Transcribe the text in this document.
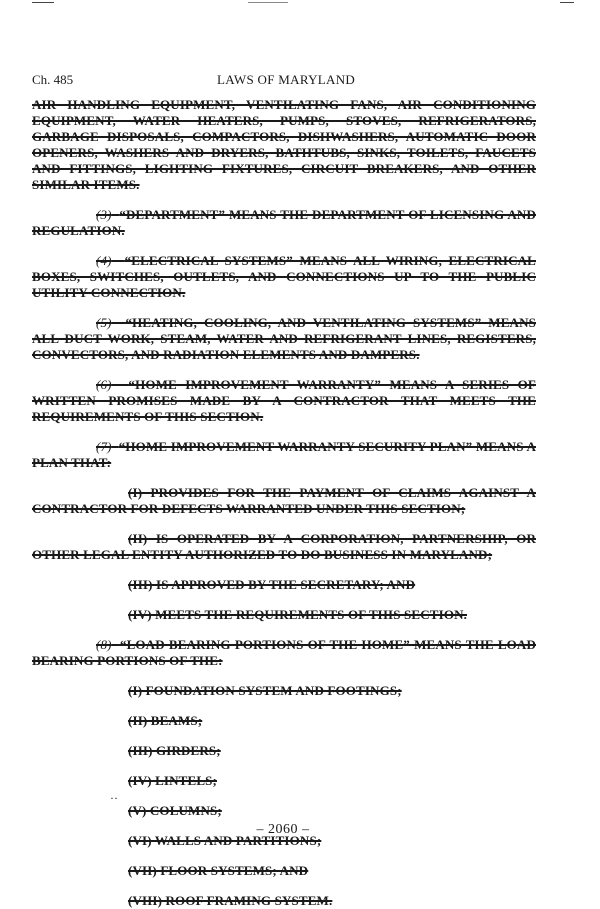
Ch. 485	LAWS OF MARYLAND

AIR HANDLING EQUIPMENT, VENTILATING FANS, AIR CONDITIONING EQUIPMENT, WATER HEATERS, PUMPS, STOVES, REFRIGERATORS, GARBAGE DISPOSALS, COMPACTORS, DISHWASHERS, AUTOMATIC DOOR OPENERS, WASHERS AND DRYERS, BATHTUBS, SINKS, TOILETS, FAUCETS AND FITTINGS, LIGHTING FIXTURES, CIRCUIT BREAKERS, AND OTHER SIMILAR ITEMS.

(3) “DEPARTMENT” MEANS THE DEPARTMENT OF LICENSING AND REGULATION.

(4) “ELECTRICAL SYSTEMS” MEANS ALL WIRING, ELECTRICAL BOXES, SWITCHES, OUTLETS, AND CONNECTIONS UP TO THE PUBLIC UTILITY CONNECTION.

(5) “HEATING, COOLING, AND VENTILATING SYSTEMS” MEANS ALL DUCT WORK, STEAM, WATER AND REFRIGERANT LINES, REGISTERS, CONVECTORS, AND RADIATION ELEMENTS AND DAMPERS.

(6) “HOME IMPROVEMENT WARRANTY” MEANS A SERIES OF WRITTEN PROMISES MADE BY A CONTRACTOR THAT MEETS THE REQUIREMENTS OF THIS SECTION.

(7) “HOME IMPROVEMENT WARRANTY SECURITY PLAN” MEANS A PLAN THAT:

(I) PROVIDES FOR THE PAYMENT OF CLAIMS AGAINST A CONTRACTOR FOR DEFECTS WARRANTED UNDER THIS SECTION;

(II) IS OPERATED BY A CORPORATION, PARTNERSHIP, OR OTHER LEGAL ENTITY AUTHORIZED TO DO BUSINESS IN MARYLAND;

(III) IS APPROVED BY THE SECRETARY; AND

(IV) MEETS THE REQUIREMENTS OF THIS SECTION.

(8) “LOAD BEARING PORTIONS OF THE HOME” MEANS THE LOAD BEARING PORTIONS OF THE:

(I) FOUNDATION SYSTEM AND FOOTINGS;

(II) BEAMS;

(III) GIRDERS;

(IV) LINTELS;

(V) COLUMNS;

(VI) WALLS AND PARTITIONS;

(VII) FLOOR SYSTEMS; AND

(VIII) ROOF FRAMING SYSTEM.

··
– 2060 –
